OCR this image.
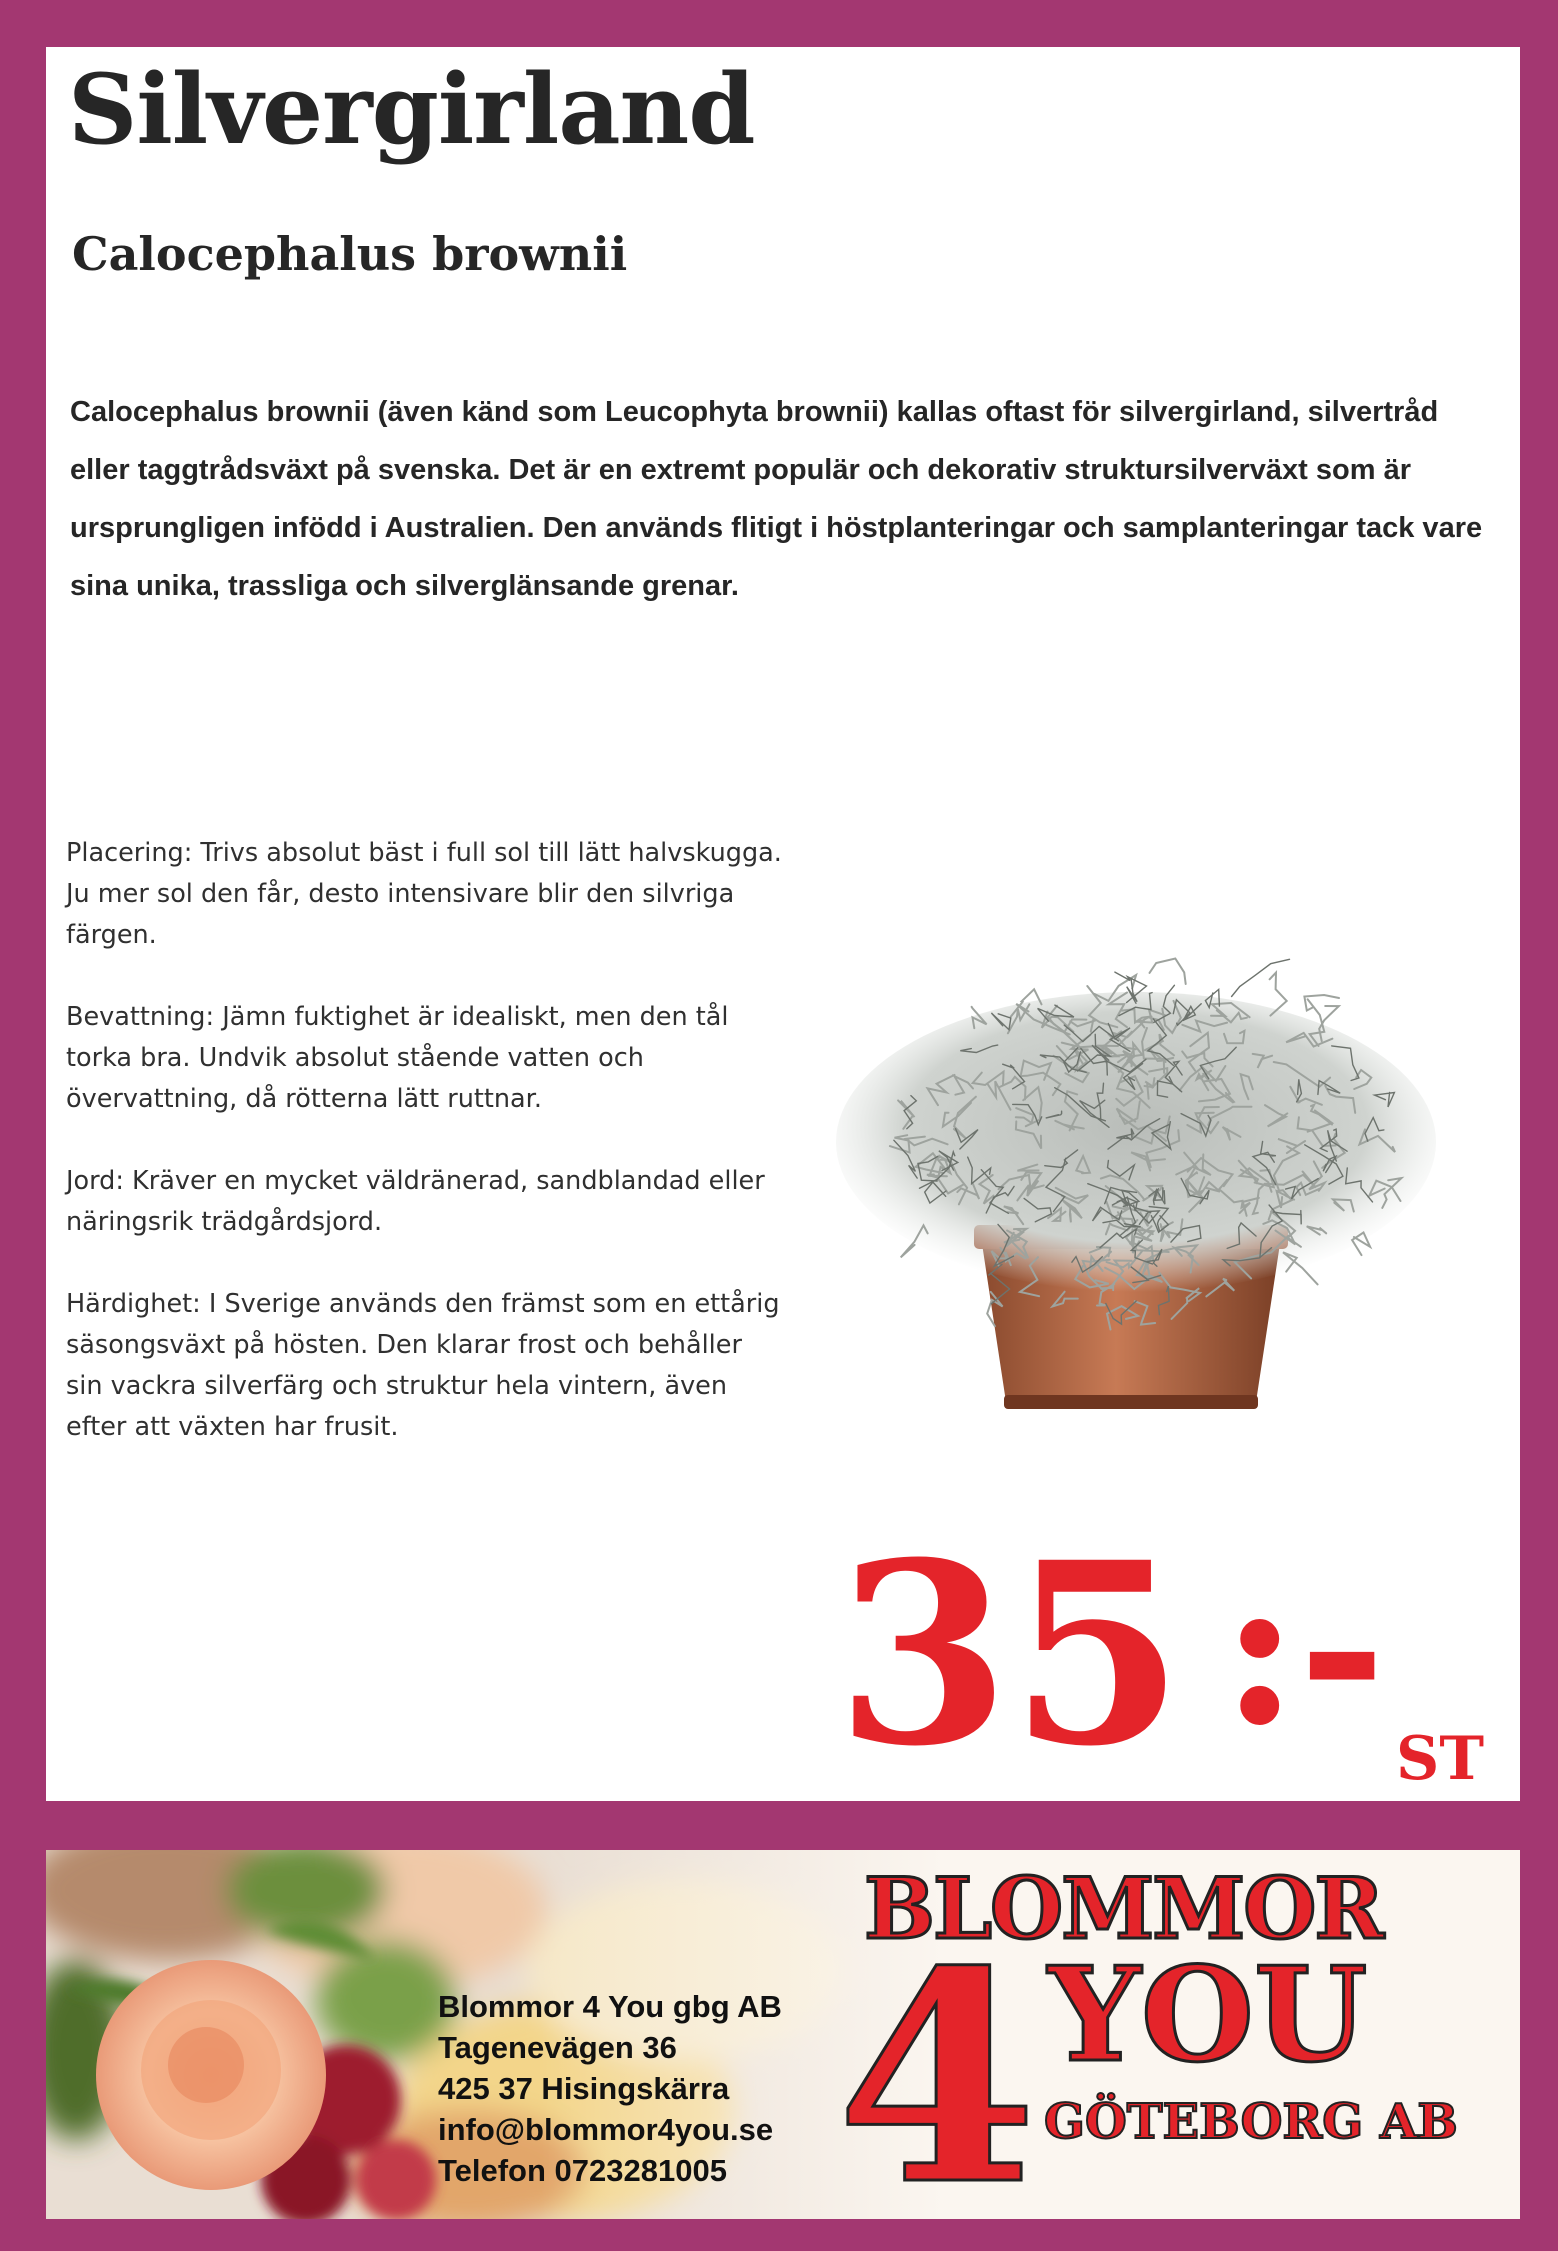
Silvergirland
Calocephalus brownii

Calocephalus brownii (även känd som Leucophyta brownii) kallas oftast för silvergirland, silvertråd eller taggtrådsväxt på svenska. Det är en extremt populär och dekorativ struktursilverväxt som är ursprungligen infödd i Australien. Den används flitigt i höstplanteringar och samplanteringar tack vare sina unika, trassliga och silverglänsande grenar.

Placering: Trivs absolut bäst i full sol till lätt halvskugga. Ju mer sol den får, desto intensivare blir den silvriga färgen.

Bevattning: Jämn fuktighet är idealiskt, men den tål torka bra. Undvik absolut stående vatten och övervattning, då rötterna lätt ruttnar.

Jord: Kräver en mycket väldränerad, sandblandad eller näringsrik trädgårdsjord.

Härdighet: I Sverige används den främst som en ettårig säsongsväxt på hösten. Den klarar frost och behåller sin vackra silverfärg och struktur hela vintern, även efter att växten har frusit.

35 :- ST
Blommor 4 You gbg AB
Tagenevägen 36
425 37 Hisingskärra
info@blommor4you.se
Telefon 0723281005
BLOMMOR
4 YOU
GÖTEBORG AB
